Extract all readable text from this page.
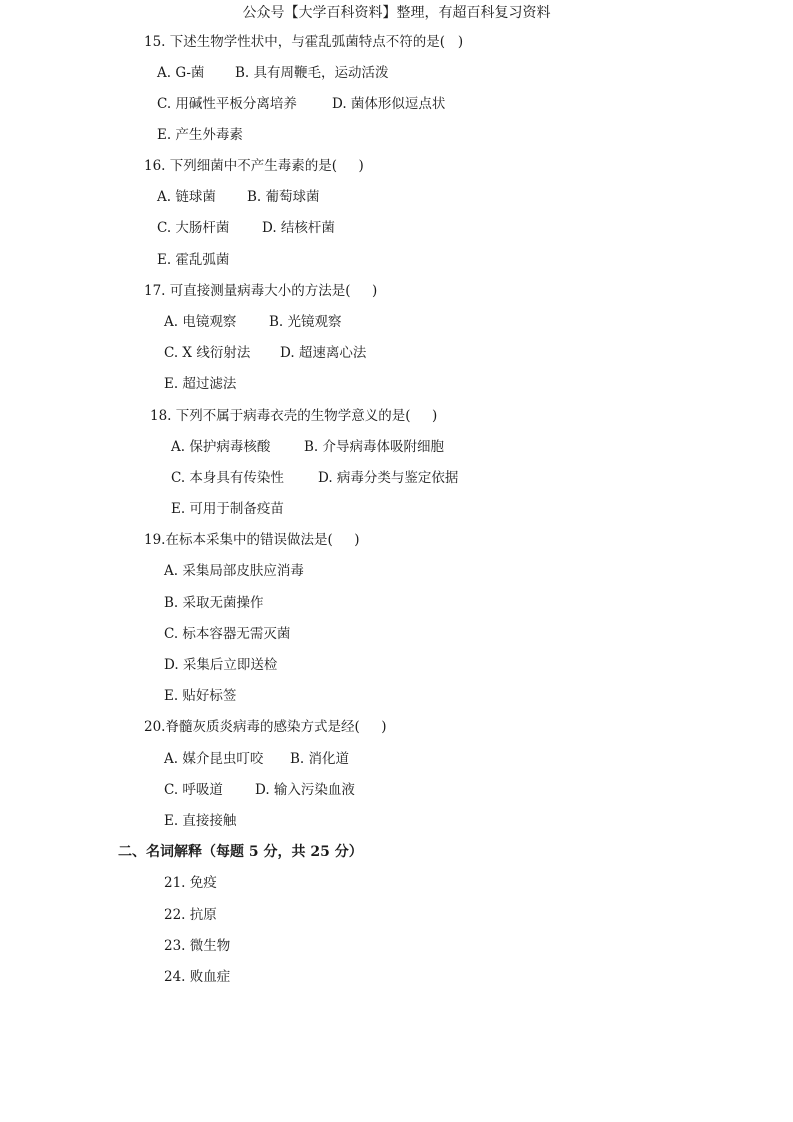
公众号【大学百科资料】整理，有超百科复习资料
15. 下述生物学性状中，与霍乱弧菌特点不符的是(   )
A. G-菌 B. 具有周鞭毛，运动活泼
C. 用碱性平板分离培养	D. 菌体形似逗点状
E. 产生外毒素
16. 下列细菌中不产生毒素的是(     )
A. 链球菌 B. 葡萄球菌
C. 大肠杆菌 D. 结核杆菌
E. 霍乱弧菌
17. 可直接测量病毒大小的方法是(     )
A. 电镜观察 B. 光镜观察
C. X 线衍射法 D. 超速离心法
E. 超过滤法
18. 下列不属于病毒衣壳的生物学意义的是(     )
A. 保护病毒核酸 B. 介导病毒体吸附细胞
C. 本身具有传染性	D. 病毒分类与鉴定依据
E. 可用于制备疫苗
19.在标本采集中的错误做法是(     )
A. 采集局部皮肤应消毒
B. 采取无菌操作
C. 标本容器无需灭菌
D. 采集后立即送检
E. 贴好标签
20.脊髓灰质炎病毒的感染方式是经(     )
A. 媒介昆虫叮咬 B. 消化道
C. 呼吸道 D. 输入污染血液
E. 直接接触
二、名词解释（每题 5 分，共 25 分）
21. 免疫
22. 抗原
23. 微生物
24. 败血症
